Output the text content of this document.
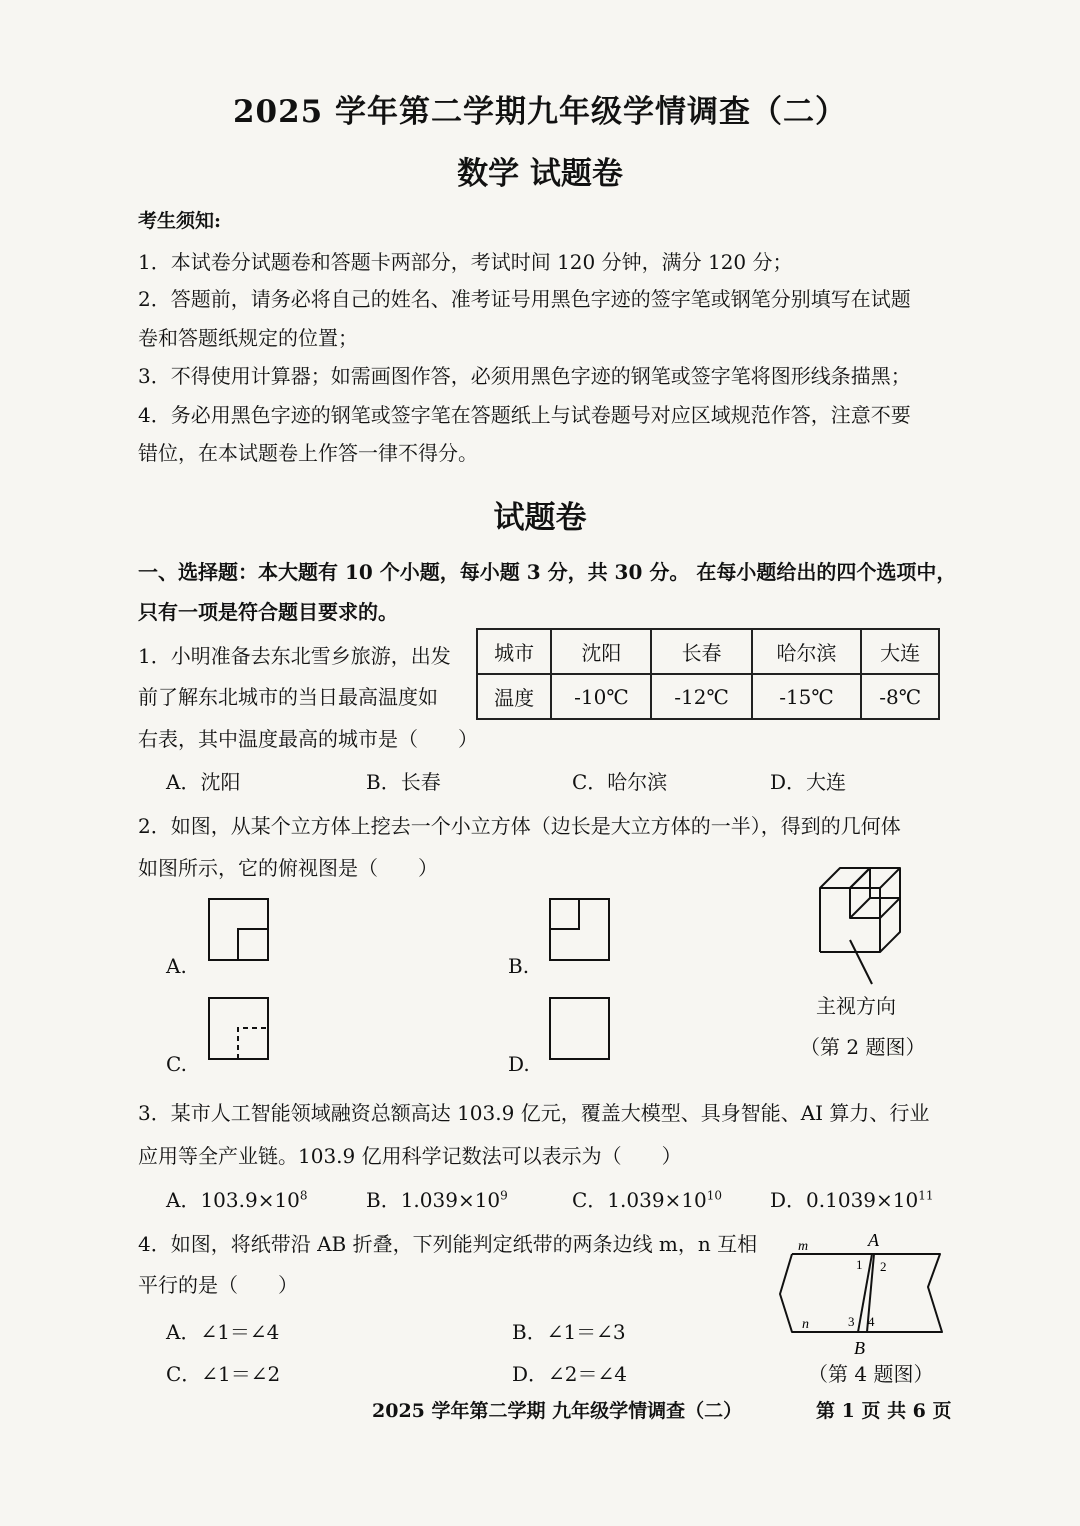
2025 学年第二学期九年级学情调查（二）
数学 试题卷
考生须知:
1．本试卷分试题卷和答题卡两部分，考试时间 120 分钟，满分 120 分；
2．答题前，请务必将自己的姓名、准考证号用黑色字迹的签字笔或钢笔分别填写在试题
卷和答题纸规定的位置；
3．不得使用计算器；如需画图作答，必须用黑色字迹的钢笔或签字笔将图形线条描黑；
4．务必用黑色字迹的钢笔或签字笔在答题纸上与试卷题号对应区域规范作答，注意不要
错位，在本试题卷上作答一律不得分。
试题卷
一、选择题：本大题有 10 个小题，每小题 3 分，共 30 分。 在每小题给出的四个选项中，
只有一项是符合题目要求的。
1．小明准备去东北雪乡旅游，出发
前了解东北城市的当日最高温度如
右表，其中温度最高的城市是（　　）
城市	沈阳	长春	哈尔滨	大连
温度	-10℃	-12℃	-15℃	-8℃
A．沈阳	B．长春	C．哈尔滨	D．大连
2．如图，从某个立方体上挖去一个小立方体（边长是大立方体的一半），得到的几何体
如图所示，它的俯视图是（　　）
A.	B.
C.	D.
主视方向
（第 2 题图）
3．某市人工智能领域融资总额高达 103.9 亿元，覆盖大模型、具身智能、AI 算力、行业
应用等全产业链。103.9 亿用科学记数法可以表示为（　　）
A．$103.9\times 10^8$	B．$1.039\times 10^9$	C．$1.039\times 10^{10}$ D．$0.1039\times 10^{11}$
4．如图，将纸带沿 AB 折叠，下列能判定纸带的两条边线 m，n 互相
平行的是（　　）
A．∠1＝∠4	B．∠1＝∠3
C．∠1＝∠2	D．∠2＝∠4
m	A
1 2
3 4
n
B
（第 4 题图）
2025 学年第二学期 九年级学情调查（二）	第 1 页 共 6 页
